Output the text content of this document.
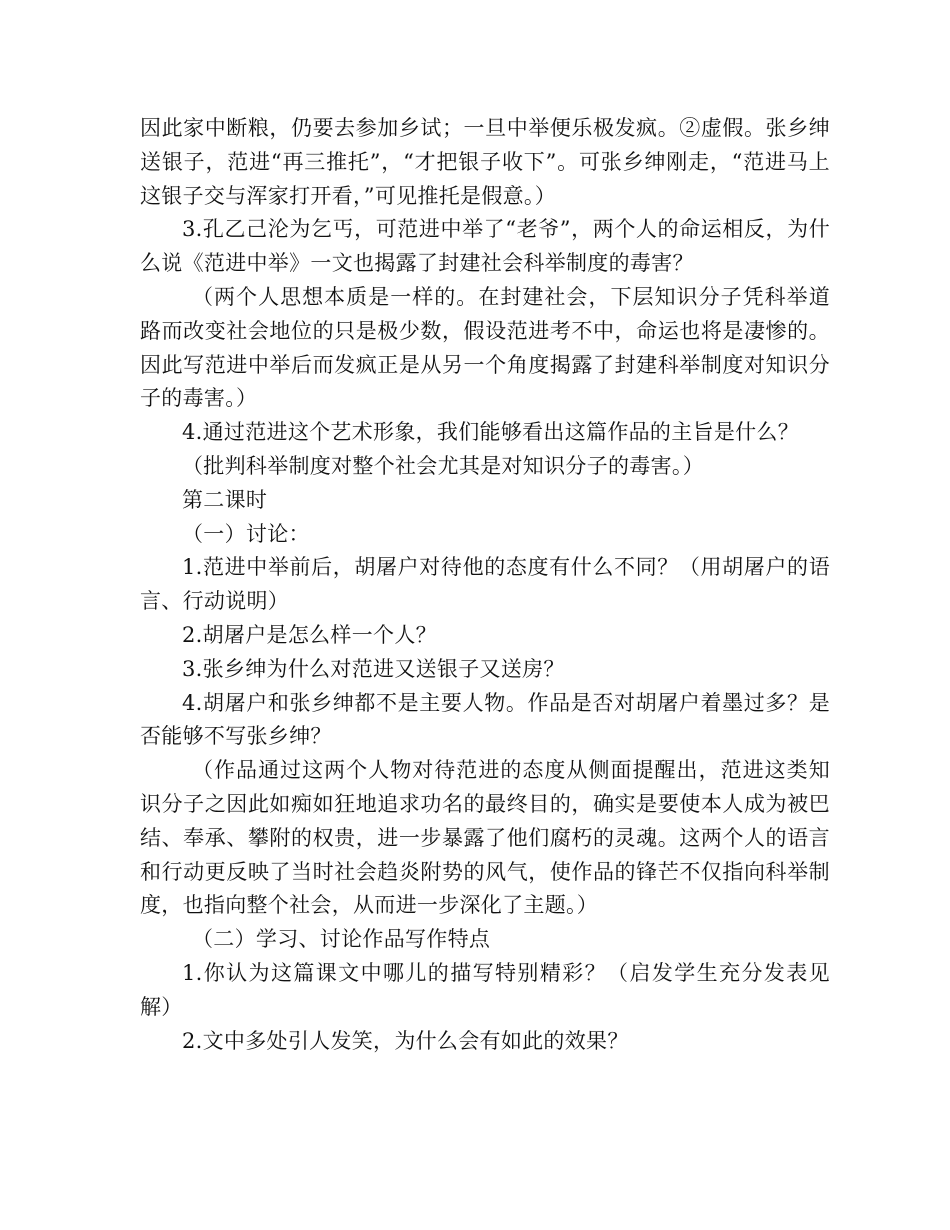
因此家中断粮，仍要去参加乡试；一旦中举便乐极发疯。②虚假。张乡绅送银子，范进“再三推托”，“才把银子收下”。可张乡绅刚走，“范进马上这银子交与浑家打开看，”可见推托是假意。）

3.孔乙己沦为乞丐，可范进中举了“老爷”，两个人的命运相反，为什么说《范进中举》一文也揭露了封建社会科举制度的毒害？

（两个人思想本质是一样的。在封建社会，下层知识分子凭科举道路而改变社会地位的只是极少数，假设范进考不中，命运也将是凄惨的。因此写范进中举后而发疯正是从另一个角度揭露了封建科举制度对知识分子的毒害。）

4.通过范进这个艺术形象，我们能够看出这篇作品的主旨是什么？

（批判科举制度对整个社会尤其是对知识分子的毒害。）

第二课时

（一）讨论：

1.范进中举前后，胡屠户对待他的态度有什么不同？（用胡屠户的语言、行动说明）

2.胡屠户是怎么样一个人？

3.张乡绅为什么对范进又送银子又送房？

4.胡屠户和张乡绅都不是主要人物。作品是否对胡屠户着墨过多？是否能够不写张乡绅？

（作品通过这两个人物对待范进的态度从侧面提醒出，范进这类知识分子之因此如痴如狂地追求功名的最终目的，确实是要使本人成为被巴结、奉承、攀附的权贵，进一步暴露了他们腐朽的灵魂。这两个人的语言和行动更反映了当时社会趋炎附势的风气，使作品的锋芒不仅指向科举制度，也指向整个社会，从而进一步深化了主题。）

（二）学习、讨论作品写作特点

1.你认为这篇课文中哪儿的描写特别精彩？（启发学生充分发表见解）

2.文中多处引人发笑，为什么会有如此的效果？
